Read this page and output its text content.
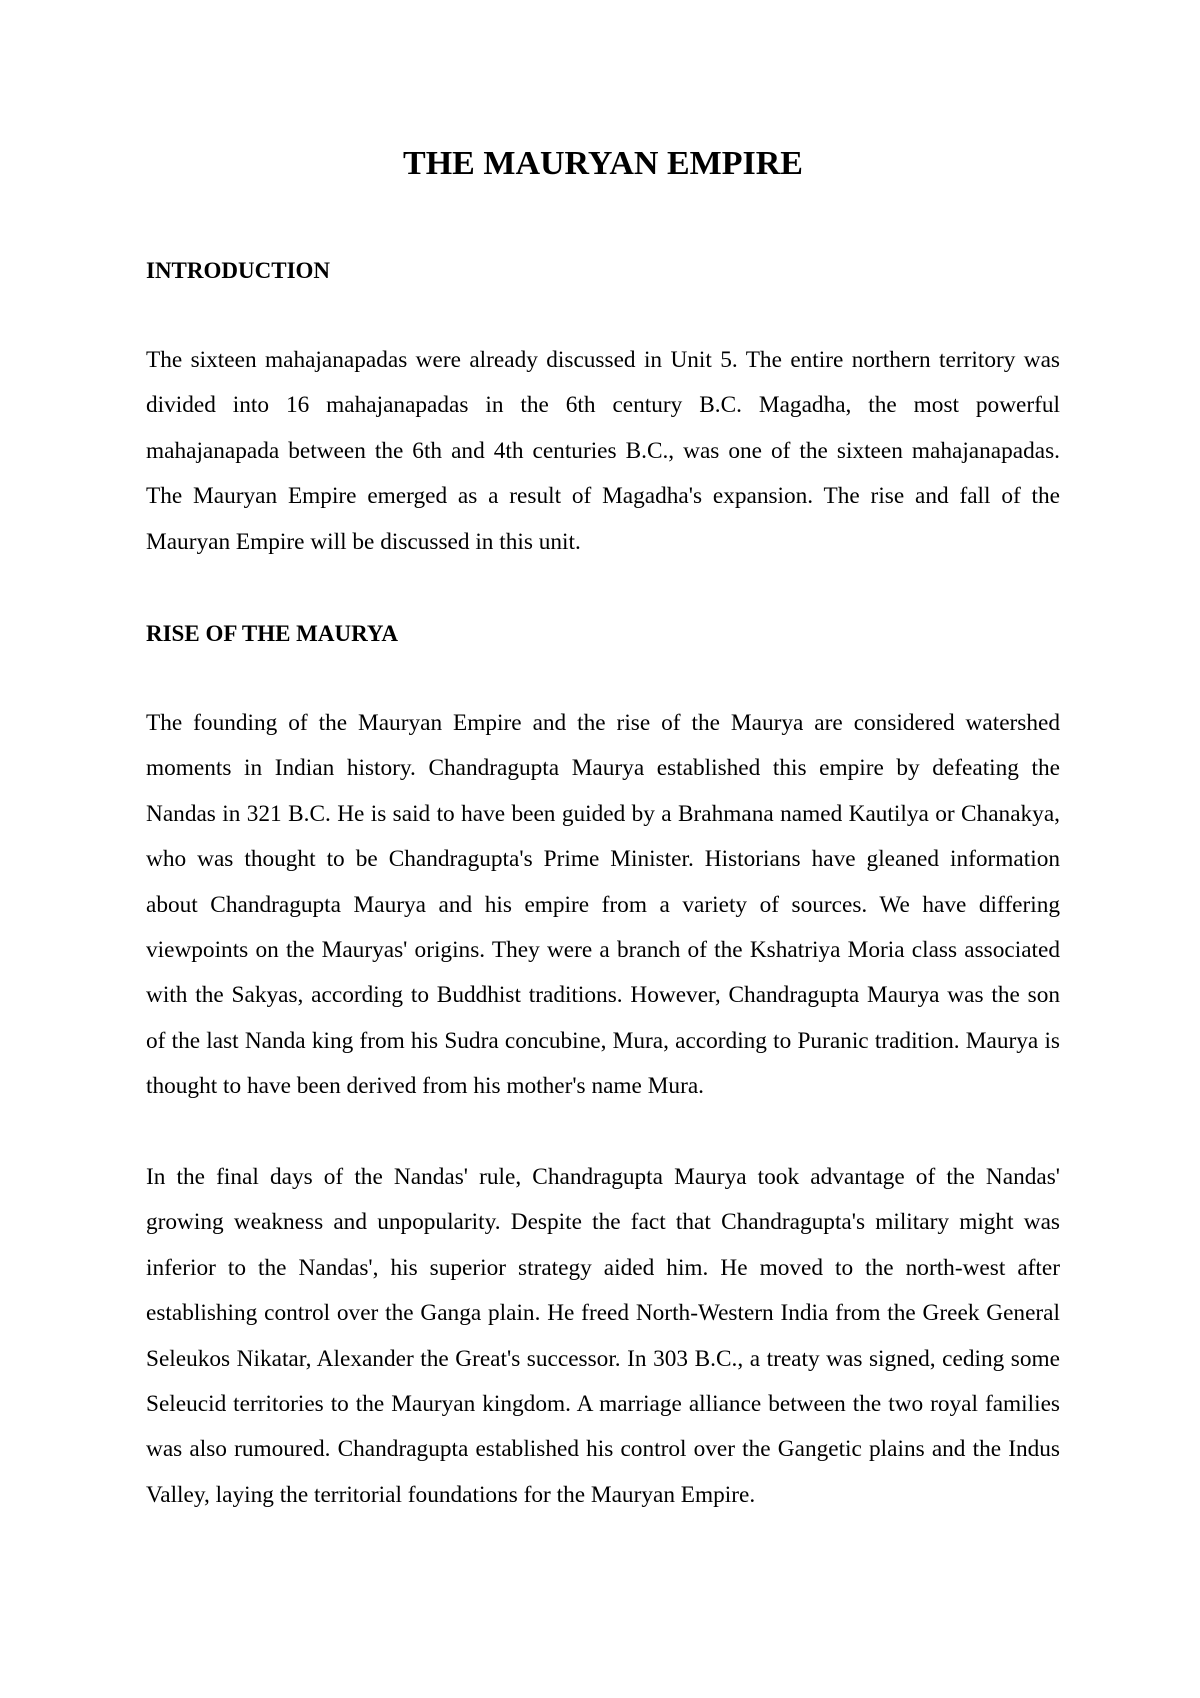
THE MAURYAN EMPIRE
INTRODUCTION

The sixteen mahajanapadas were already discussed in Unit 5. The entire northern territory was divided into 16 mahajanapadas in the 6th century B.C. Magadha, the most powerful mahajanapada between the 6th and 4th centuries B.C., was one of the sixteen mahajanapadas. The Mauryan Empire emerged as a result of Magadha's expansion. The rise and fall of the Mauryan Empire will be discussed in this unit.

RISE OF THE MAURYA

The founding of the Mauryan Empire and the rise of the Maurya are considered watershed moments in Indian history. Chandragupta Maurya established this empire by defeating the Nandas in 321 B.C. He is said to have been guided by a Brahmana named Kautilya or Chanakya, who was thought to be Chandragupta's Prime Minister. Historians have gleaned information about Chandragupta Maurya and his empire from a variety of sources. We have differing viewpoints on the Mauryas' origins. They were a branch of the Kshatriya Moria class associated with the Sakyas, according to Buddhist traditions. However, Chandragupta Maurya was the son of the last Nanda king from his Sudra concubine, Mura, according to Puranic tradition. Maurya is thought to have been derived from his mother's name Mura.

In the final days of the Nandas' rule, Chandragupta Maurya took advantage of the Nandas' growing weakness and unpopularity. Despite the fact that Chandragupta's military might was inferior to the Nandas', his superior strategy aided him. He moved to the north-west after establishing control over the Ganga plain. He freed North-Western India from the Greek General Seleukos Nikatar, Alexander the Great's successor. In 303 B.C., a treaty was signed, ceding some Seleucid territories to the Mauryan kingdom. A marriage alliance between the two royal families was also rumoured. Chandragupta established his control over the Gangetic plains and the Indus Valley, laying the territorial foundations for the Mauryan Empire.
